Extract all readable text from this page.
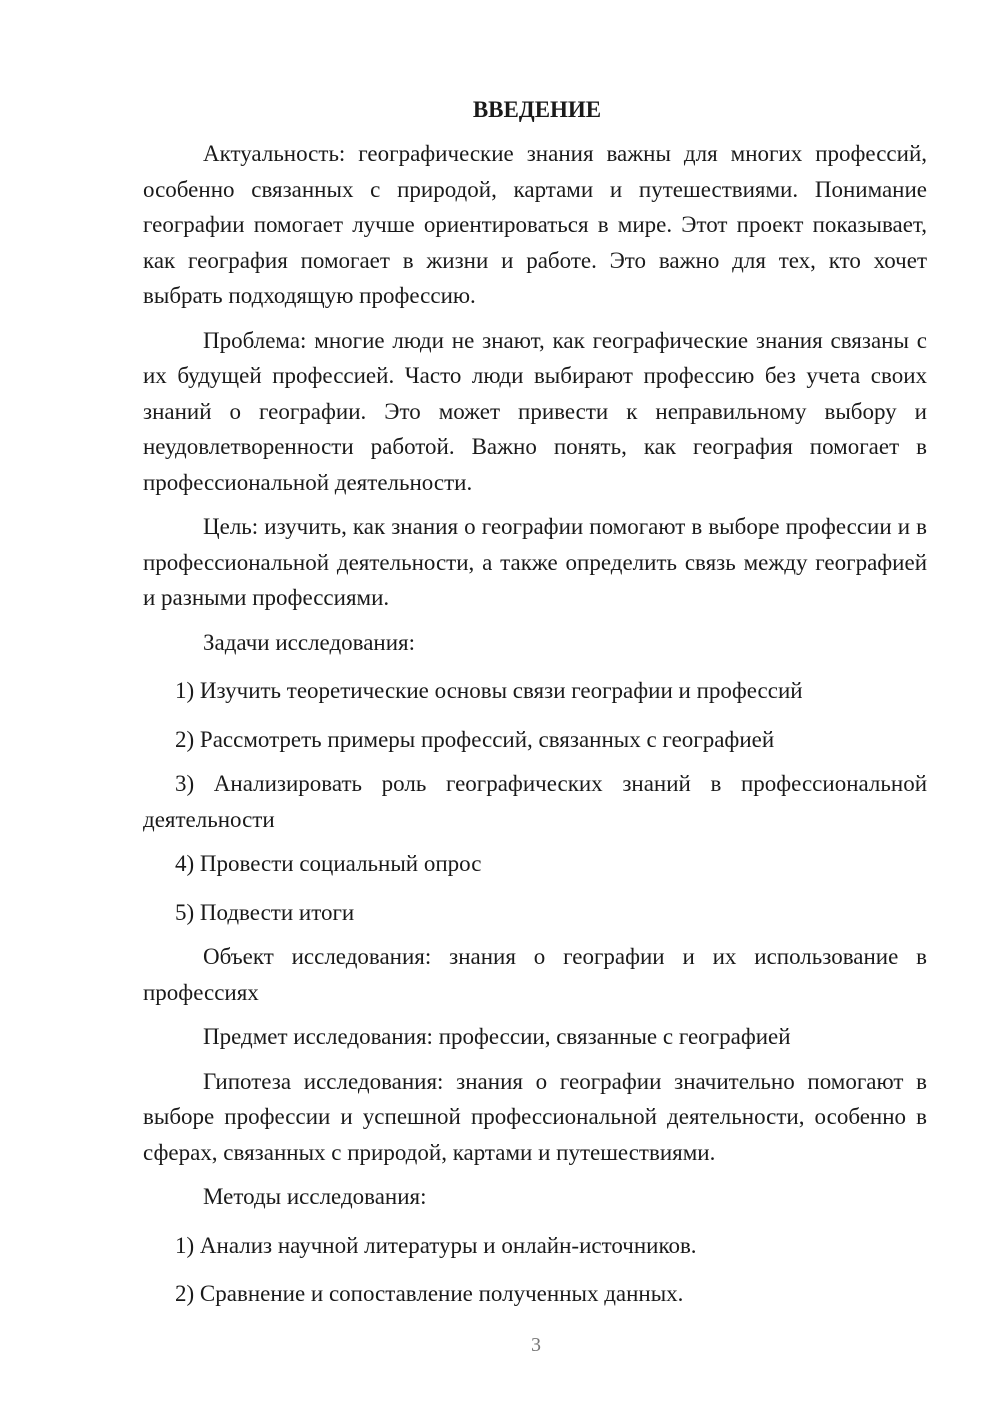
ВВЕДЕНИЕ

Актуальность: географические знания важны для многих профессий, особенно связанных с природой, картами и путешествиями. Понимание географии помогает лучше ориентироваться в мире. Этот проект показывает, как география помогает в жизни и работе. Это важно для тех, кто хочет выбрать подходящую профессию.

Проблема: многие люди не знают, как географические знания связаны с их будущей профессией. Часто люди выбирают профессию без учета своих знаний о географии. Это может привести к неправильному выбору и неудовлетворенности работой. Важно понять, как география помогает в профессиональной деятельности.

Цель: изучить, как знания о географии помогают в выборе профессии и в профессиональной деятельности, а также определить связь между географией и разными профессиями.

Задачи исследования:

1) Изучить теоретические основы связи географии и профессий

2) Рассмотреть примеры профессий, связанных с географией

3) Анализировать роль географических знаний в профессиональной деятельности

4) Провести социальный опрос

5) Подвести итоги

Объект исследования: знания о географии и их использование в профессиях

Предмет исследования: профессии, связанные с географией

Гипотеза исследования: знания о географии значительно помогают в выборе профессии и успешной профессиональной деятельности, особенно в сферах, связанных с природой, картами и путешествиями.

Методы исследования:

1) Анализ научной литературы и онлайн-источников.

2) Сравнение и сопоставление полученных данных.

3
